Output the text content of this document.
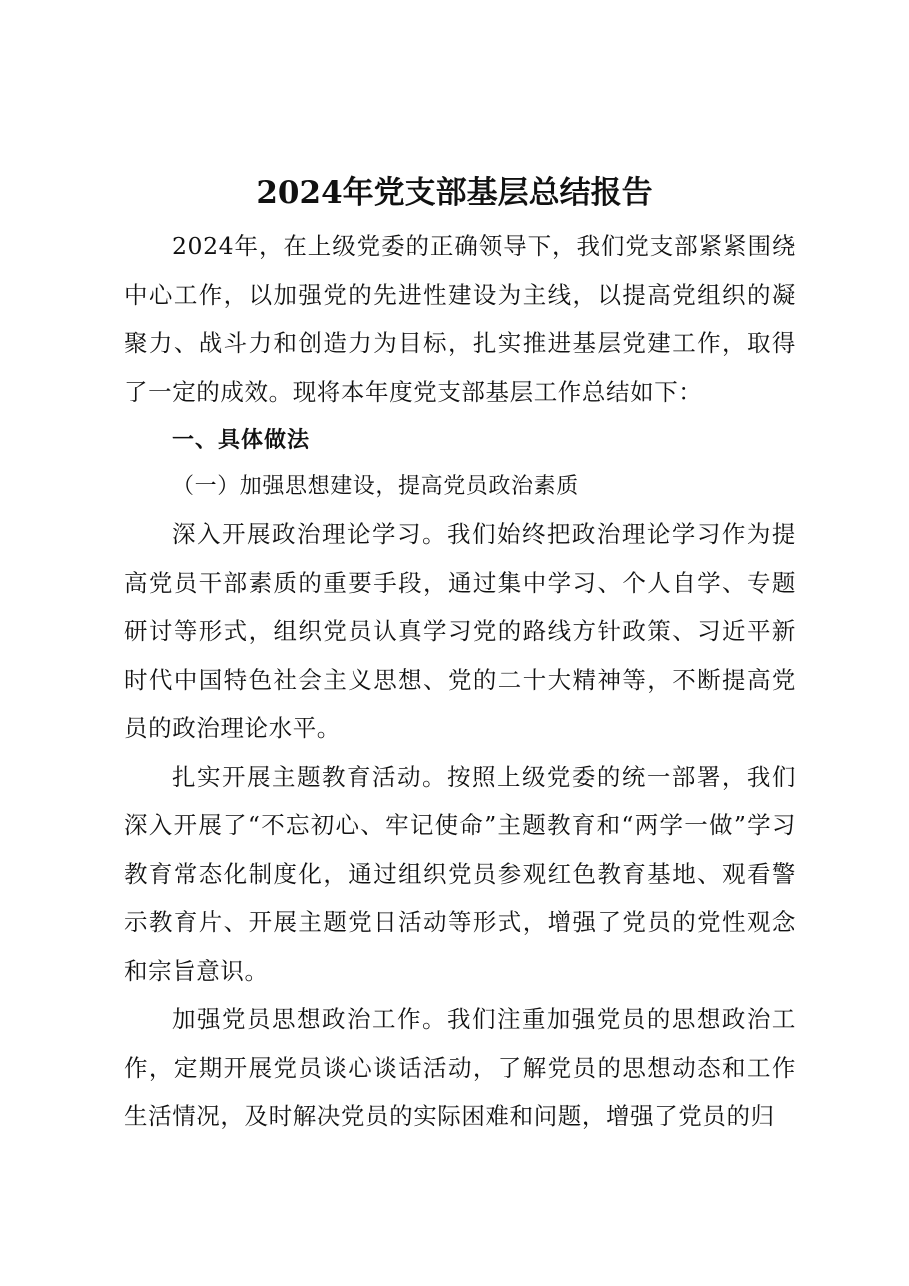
2024年党支部基层总结报告

2024年，在上级党委的正确领导下，我们党支部紧紧围绕中心工作，以加强党的先进性建设为主线，以提高党组织的凝聚力、战斗力和创造力为目标，扎实推进基层党建工作，取得了一定的成效。现将本年度党支部基层工作总结如下：

一、具体做法

（一）加强思想建设，提高党员政治素质

深入开展政治理论学习。我们始终把政治理论学习作为提高党员干部素质的重要手段，通过集中学习、个人自学、专题研讨等形式，组织党员认真学习党的路线方针政策、习近平新时代中国特色社会主义思想、党的二十大精神等，不断提高党员的政治理论水平。

扎实开展主题教育活动。按照上级党委的统一部署，我们深入开展了“不忘初心、牢记使命”主题教育和“两学一做”学习教育常态化制度化，通过组织党员参观红色教育基地、观看警示教育片、开展主题党日活动等形式，增强了党员的党性观念和宗旨意识。

加强党员思想政治工作。我们注重加强党员的思想政治工作，定期开展党员谈心谈话活动，了解党员的思想动态和工作生活情况，及时解决党员的实际困难和问题，增强了党员的归
